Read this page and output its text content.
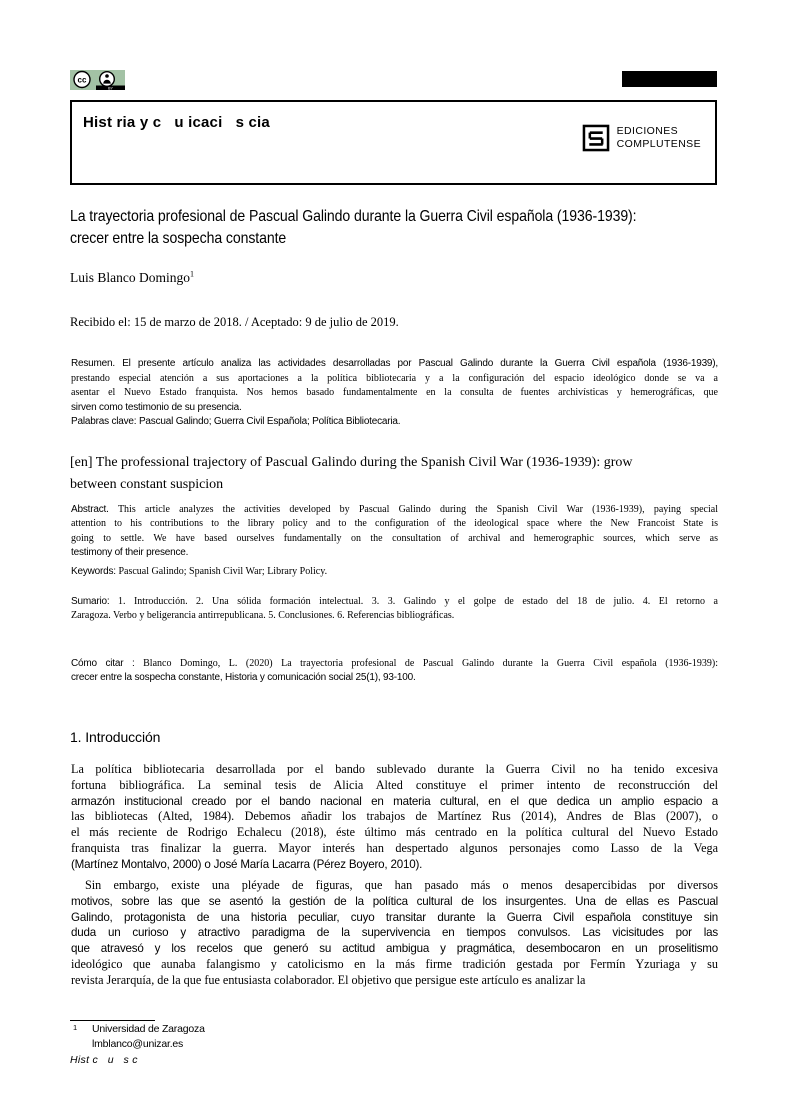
cc
BY
Hist ria y c   u icaci   s cia	EDICIONES
COMPLUTENSE
La trayectoria profesional de Pascual Galindo durante la Guerra Civil española (1936-1939):
crecer entre la sospecha constante
Luis Blanco Domingo$^1$
Recibido el: 15 de marzo de 2018. / Aceptado: 9 de julio de 2019.
Resumen. El presente artículo analiza las actividades desarrolladas por Pascual Galindo durante la Guerra Civil española (1936-1939),
prestando especial atención a sus aportaciones a la política bibliotecaria y a la configuración del espacio ideológico donde se va a
asentar el Nuevo Estado franquista. Nos hemos basado fundamentalmente en la consulta de fuentes archivísticas y hemerográficas, que
sirven como testimonio de su presencia.
Palabras clave: Pascual Galindo; Guerra Civil Española; Política Bibliotecaria.
[en] The professional trajectory of Pascual Galindo during the Spanish Civil War (1936-1939): grow
between constant suspicion
Abstract. This article analyzes the activities developed by Pascual Galindo during the Spanish Civil War (1936-1939), paying special
attention to his contributions to the library policy and to the configuration of the ideological space where the New Francoist State is
going to settle. We have based ourselves fundamentally on the consultation of archival and hemerographic sources, which serve as
testimony of their presence.
Keywords: Pascual Galindo; Spanish Civil War; Library Policy.
Sumario: 1. Introducción. 2. Una sólida formación intelectual. 3. 3. Galindo y el golpe de estado del 18 de julio. 4. El retorno a
Zaragoza. Verbo y beligerancia antirrepublicana. 5. Conclusiones. 6. Referencias bibliográficas.
Cómo citar : Blanco Domingo, L. (2020) La trayectoria profesional de Pascual Galindo durante la Guerra Civil española (1936-1939):
crecer entre la sospecha constante, Historia y comunicación social 25(1), 93-100.
1. Introducción
La política bibliotecaria desarrollada por el bando sublevado durante la Guerra Civil no ha tenido excesiva
fortuna bibliográfica. La seminal tesis de Alicia Alted constituye el primer intento de reconstrucción del
armazón institucional creado por el bando nacional en materia cultural, en el que dedica un amplio espacio a
las bibliotecas (Alted, 1984). Debemos añadir los trabajos de Martínez Rus (2014), Andres de Blas (2007), o
el más reciente de Rodrigo Echalecu (2018), éste último más centrado en la política cultural del Nuevo Estado
franquista tras finalizar la guerra. Mayor interés han despertado algunos personajes como Lasso de la Vega
(Martínez Montalvo, 2000) o José María Lacarra (Pérez Boyero, 2010).
Sin embargo, existe una pléyade de figuras, que han pasado más o menos desapercibidas por diversos
motivos, sobre las que se asentó la gestión de la política cultural de los insurgentes. Una de ellas es Pascual
Galindo, protagonista de una historia peculiar, cuyo transitar durante la Guerra Civil española constituye sin
duda un curioso y atractivo paradigma de la supervivencia en tiempos convulsos. Las vicisitudes por las
que atravesó y los recelos que generó su actitud ambigua y pragmática, desembocaron en un proselitismo
ideológico que aunaba falangismo y catolicismo en la más firme tradición gestada por Fermín Yzuriaga y su
revista Jerarquía, de la que fue entusiasta colaborador. El objetivo que persigue este artículo es analizar la
1 Universidad de Zaragoza
lmblanco@unizar.es
Hist c   u   s c
